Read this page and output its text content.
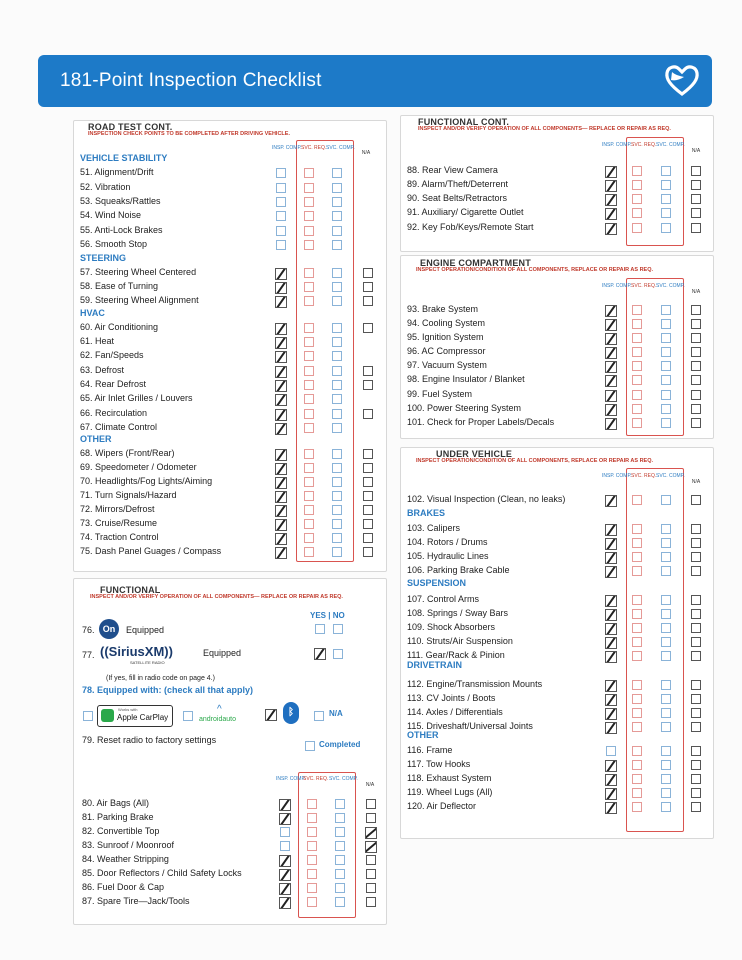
181-Point Inspection Checklist
ROAD TEST CONT.
INSPECTION CHECK POINTS TO BE COMPLETED AFTER DRIVING VEHICLE.
INSP. COMP. SVC. REQ. SVC. COMP.
N/A
VEHICLE STABILITY
STEERING
HVAC
OTHER
51. Alignment/Drift
52. Vibration
53. Squeaks/Rattles
54. Wind Noise
55. Anti-Lock Brakes
56. Smooth Stop
57. Steering Wheel Centered
58. Ease of Turning
59. Steering Wheel Alignment
60. Air Conditioning
61. Heat
62. Fan/Speeds
63. Defrost
64. Rear Defrost
65. Air Inlet Grilles / Louvers
66. Recirculation
67. Climate Control
68. Wipers (Front/Rear)
69. Speedometer / Odometer
70. Headlights/Fog Lights/Aiming
71. Turn Signals/Hazard
72. Mirrors/Defrost
73. Cruise/Resume
74. Traction Control
75. Dash Panel Guages / Compass
FUNCTIONAL
INSPECT AND/OR VERIFY OPERATION OF ALL COMPONENTS— REPLACE OR REPAIR AS REQ.
YES | NO
76. On	Equipped
77. ((SiriusXM))
SATELLITE RADIO
Equipped
(If yes, fill in radio code on page 4.)
78. Equipped with: (check all that apply)
Works with
Apple CarPlay
^
androidauto
ᛒ	N/A
79. Reset radio to factory settings	Completed
INSP. COMP.
SVC. REQ. SVC. COMP.
N/A
80. Air Bags (All)
81. Parking Brake
82. Convertible Top
83. Sunroof / Moonroof
84. Weather Stripping
85. Door Reflectors / Child Safety Locks
86. Fuel Door & Cap
87. Spare Tire—Jack/Tools
FUNCTIONAL CONT.
INSPECT AND/OR VERIFY OPERATION OF ALL COMPONENTS— REPLACE OR REPAIR AS REQ.
INSP. COMP. SVC. REQ. SVC. COMP.
N/A
88. Rear View Camera
89. Alarm/Theft/Deterrent
90. Seat Belts/Retractors
91. Auxiliary/ Cigarette Outlet
92. Key Fob/Keys/Remote Start
ENGINE COMPARTMENT
INSPECT OPERATION/CONDITION OF ALL COMPONENTS, REPLACE OR REPAIR AS REQ.
INSP. COMP. SVC. REQ. SVC. COMP.
N/A
93. Brake System
94. Cooling System
95. Ignition System
96. AC Compressor
97. Vacuum System
98. Engine Insulator / Blanket
99. Fuel System
100. Power Steering System
101. Check for Proper Labels/Decals
UNDER VEHICLE
INSPECT OPERATION/CONDITION OF ALL COMPONENTS, REPLACE OR REPAIR AS REQ.
INSP. COMP. SVC. REQ. SVC. COMP.
N/A
BRAKES
SUSPENSION
DRIVETRAIN
OTHER
102. Visual Inspection (Clean, no leaks)
103. Calipers
104. Rotors / Drums
105. Hydraulic Lines
106. Parking Brake Cable
107. Control Arms
108. Springs / Sway Bars
109. Shock Absorbers
110. Struts/Air Suspension
111. Gear/Rack & Pinion
112. Engine/Transmission Mounts
113. CV Joints / Boots
114. Axles / Differentials
115. Driveshaft/Universal Joints
116. Frame
117. Tow Hooks
118. Exhaust System
119. Wheel Lugs (All)
120. Air Deflector
